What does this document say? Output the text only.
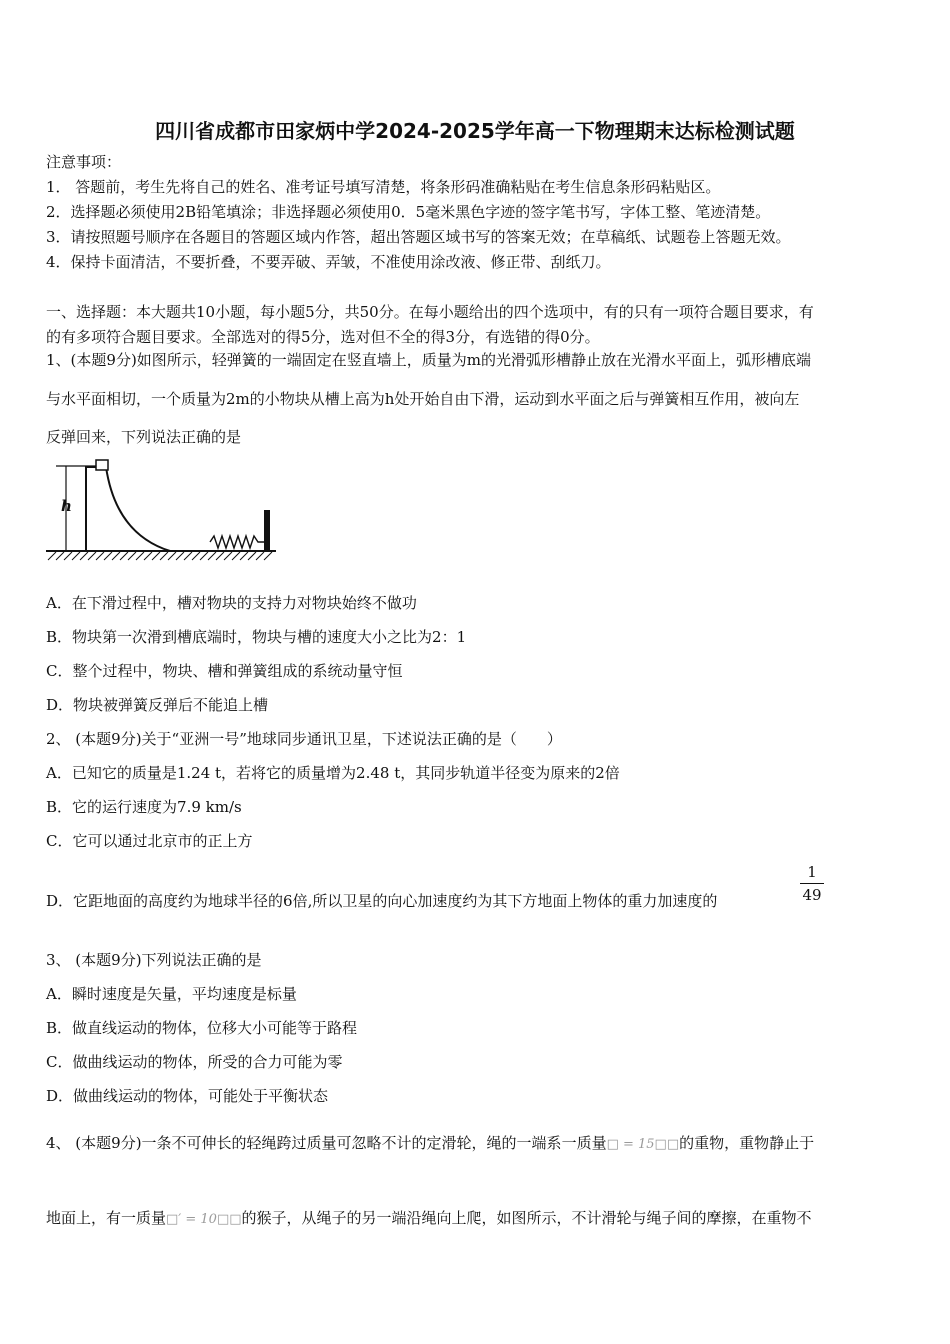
四川省成都市田家炳中学2024-2025学年高一下物理期末达标检测试题
注意事项：
1． 答题前，考生先将自己的姓名、准考证号填写清楚，将条形码准确粘贴在考生信息条形码粘贴区。
2．选择题必须使用2B铅笔填涂；非选择题必须使用0．5毫米黑色字迹的签字笔书写，字体工整、笔迹清楚。
3．请按照题号顺序在各题目的答题区域内作答，超出答题区域书写的答案无效；在草稿纸、试题卷上答题无效。
4．保持卡面清洁，不要折叠，不要弄破、弄皱，不准使用涂改液、修正带、刮纸刀。
一、选择题：本大题共10小题，每小题5分，共50分。在每小题给出的四个选项中，有的只有一项符合题目要求，有
的有多项符合题目要求。全部选对的得5分，选对但不全的得3分，有选错的得0分。
1、(本题9分)如图所示，轻弹簧的一端固定在竖直墙上，质量为m的光滑弧形槽静止放在光滑水平面上，弧形槽底端
与水平面相切，一个质量为2m的小物块从槽上高为h处开始自由下滑，运动到水平面之后与弹簧相互作用，被向左
反弹回来，下列说法正确的是
h
A．在下滑过程中，槽对物块的支持力对物块始终不做功
B．物块第一次滑到槽底端时，物块与槽的速度大小之比为2：1
C．整个过程中，物块、槽和弹簧组成的系统动量守恒
D．物块被弹簧反弹后不能追上槽
2、 (本题9分)关于“亚洲一号”地球同步通讯卫星，下述说法正确的是（　　）
A．已知它的质量是1.24 t，若将它的质量增为2.48 t，其同步轨道半径变为原来的2倍
B．它的运行速度为7.9 km/s
C．它可以通过北京市的正上方
D．它距地面的高度约为地球半径的6倍,所以卫星的向心加速度约为其下方地面上物体的重力加速度的	$\frac{1}{49}$
3、 (本题9分)下列说法正确的是
A．瞬时速度是矢量，平均速度是标量
B．做直线运动的物体，位移大小可能等于路程
C．做曲线运动的物体，所受的合力可能为零
D．做曲线运动的物体，可能处于平衡状态
4、 (本题9分)一条不可伸长的轻绳跨过质量可忽略不计的定滑轮，绳的一端系一质量□ = 15□□的重物，重物静止于
地面上，有一质量□′ = 10□□的猴子，从绳子的另一端沿绳向上爬，如图所示，不计滑轮与绳子间的摩擦，在重物不
